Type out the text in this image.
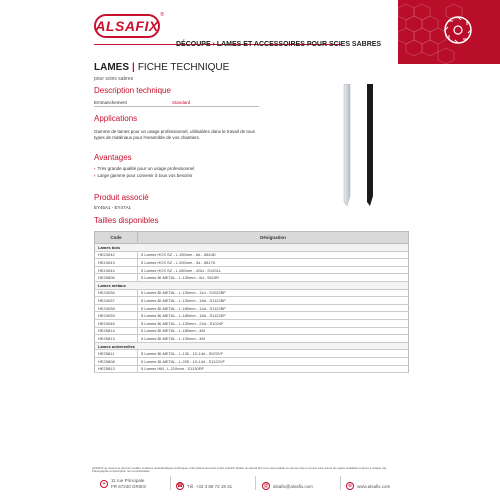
ALSAFIX
®
DÉCOUPE › LAMES ET ACCESSOIRES POUR SCIES SABRES
LAMES | FICHE TECHNIQUE
pour scies sabres
Description technique
Emmanchement	Standard
Applications
Gamme de lames pour un usage professionnel, utilisables dans le travail de tous
types de matériaux pour l'ensemble de vos chantiers.
Avantages
› Très grande qualité pour un usage professionnel
› Large gamme pour convenir à tous vos besoins
Produit associé
EY45A1 - EY47A1
Tailles disponibles
Code	Désignation
Lames bois	
HE24042	5 Lames HCS SZ - L.150mm - 6d - 5644D
HE24043	5 Lames HCS SZ - L.200mm - 3d - 5817K
HE24044	5 Lames HCS SZ - L.280mm - 4/5d - S1531L
HE25606	5 Lames BI-METAL - L.130mm - 6d - 5615R
Lames métaux	
HE24036	5 Lames BI-METAL - L.130mm - 11d - S1022BF
HE24037	5 Lames BI-METAL - L.130mm - 18d - S1122BF
HE24038	5 Lames BI-METAL - L.180mm - 14d - S1122BF
HE24039	5 Lames BI-METAL - L.180mm - 18d - S1122EF
HE24046	5 Lames BI-METAL - L.130mm - 24d - S1024F
HE25814	5 Lames BI-METAL - L.180mm - 4M
HE25813	5 Lames BI-METAL - L.130mm - 4M
Lames universelles	
HE25811	5 Lames BI-METAL - L.130 - 10-14d - S922VF
HE25808	5 Lames BI-METAL - L.205 - 10-14d - S1122VF
HE25813	5 Lames HM - L.210mm - S1130RF
ALSAFIX se réserve le droit de modifier certaines caractéristiques techniques. Informations données à titre indicatif. Alsafix ne saurait être tenu responsable en cas de mise en œuvre sans suivre les règles préalables propres à chaque cas.
Photographie et description non contractuelles.
⌖
11 rue Principale
FR 67240 GRIES	☎ Tél. +33 3 88 72 19 31	@ alsafix@alsafix.com	⊕	www.alsafix.com
